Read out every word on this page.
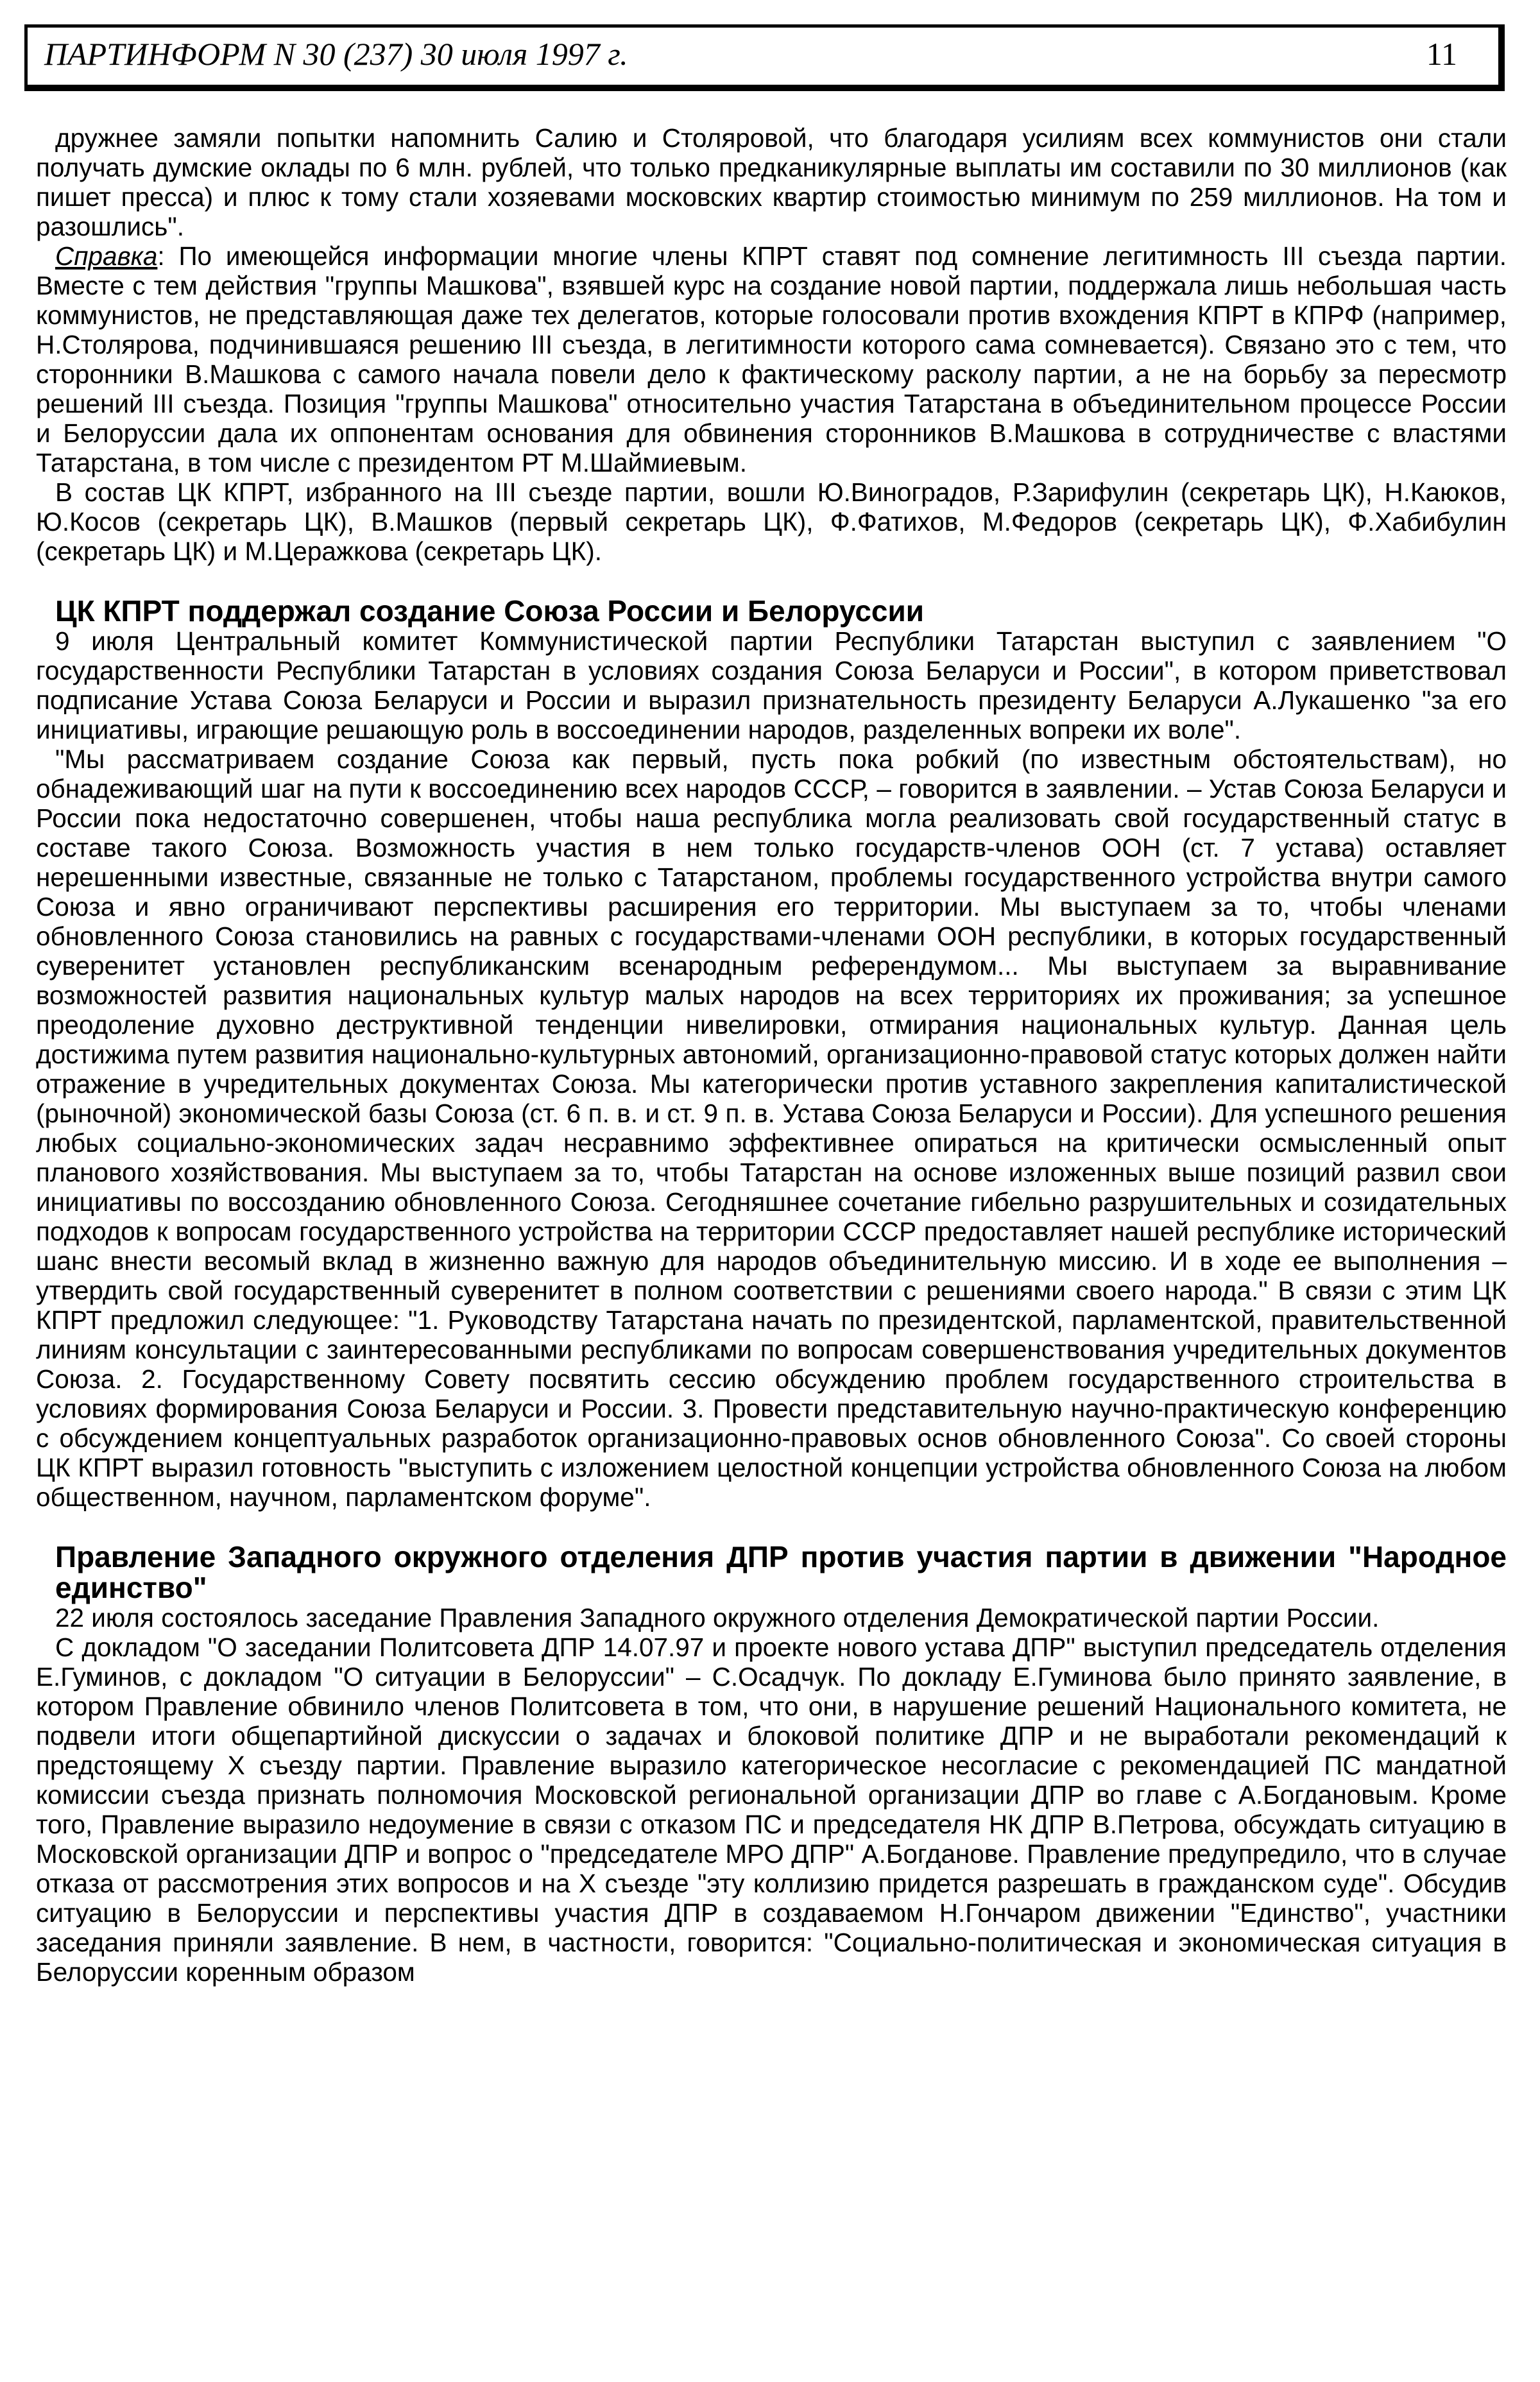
ПАРТИНФОРМ N 30 (237) 30 июля 1997 г.	11

дружнее замяли попытки напомнить Салию и Столяровой, что благодаря усилиям всех коммунистов они стали получать думские оклады по 6 млн. рублей, что только предканикулярные выплаты им составили по 30 миллионов (как пишет пресса) и плюс к тому стали хозяевами московских квартир стоимостью минимум по 259 миллионов. На том и разошлись".

Справка: По имеющейся информации многие члены КПРТ ставят под сомнение легитимность III съезда партии. Вместе с тем действия "группы Машкова", взявшей курс на создание новой партии, поддержала лишь небольшая часть коммунистов, не представляющая даже тех делегатов, которые голосовали против вхождения КПРТ в КПРФ (например, Н.Столярова, подчинившаяся решению III съезда, в легитимности которого сама сомневается). Связано это с тем, что сторонники В.Машкова с самого начала повели дело к фактическому расколу партии, а не на борьбу за пересмотр решений III съезда. Позиция "группы Машкова" относительно участия Татарстана в объединительном процессе России и Белоруссии дала их оппонентам основания для обвинения сторонников В.Машкова в сотрудничестве с властями Татарстана, в том числе с президентом РТ М.Шаймиевым.

В состав ЦК КПРТ, избранного на III съезде партии, вошли Ю.Виноградов, Р.Зарифулин (секретарь ЦК), Н.Каюков, Ю.Косов (секретарь ЦК), В.Машков (первый секретарь ЦК), Ф.Фатихов, М.Федоров (секретарь ЦК), Ф.Хабибулин (секретарь ЦК) и М.Церажкова (секретарь ЦК).

ЦК КПРТ поддержал создание Союза России и Белоруссии

9 июля Центральный комитет Коммунистической партии Республики Татарстан выступил с заявлением "О государственности Республики Татарстан в условиях создания Союза Беларуси и России", в котором приветствовал подписание Устава Союза Беларуси и России и выразил признательность президенту Беларуси А.Лукашенко "за его инициативы, играющие решающую роль в воссоединении народов, разделенных вопреки их воле".

"Мы рассматриваем создание Союза как первый, пусть пока робкий (по известным обстоятельствам), но обнадеживающий шаг на пути к воссоединению всех народов СССР, – говорится в заявлении. – Устав Союза Беларуси и России пока недостаточно совершенен, чтобы наша республика могла реализовать свой государственный статус в составе такого Союза. Возможность участия в нем только государств-членов ООН (ст. 7 устава) оставляет нерешенными известные, связанные не только с Татарстаном, проблемы государственного устройства внутри самого Союза и явно ограничивают перспективы расширения его территории. Мы выступаем за то, чтобы членами обновленного Союза становились на равных с государствами-членами ООН республики, в которых государственный суверенитет установлен республиканским всенародным референдумом... Мы выступаем за выравнивание возможностей развития национальных культур малых народов на всех территориях их проживания; за успешное преодоление духовно деструктивной тенденции нивелировки, отмирания национальных культур. Данная цель достижима путем развития национально-культурных автономий, организационно-правовой статус которых должен найти отражение в учредительных документах Союза. Мы категорически против уставного закрепления капиталистической (рыночной) экономической базы Союза (ст. 6 п. в. и ст. 9 п. в. Устава Союза Беларуси и России). Для успешного решения любых социально-экономических задач несравнимо эффективнее опираться на критически осмысленный опыт планового хозяйствования. Мы выступаем за то, чтобы Татарстан на основе изложенных выше позиций развил свои инициативы по воссозданию обновленного Союза. Сегодняшнее сочетание гибельно разрушительных и созидательных подходов к вопросам государственного устройства на территории СССР предоставляет нашей республике исторический шанс внести весомый вклад в жизненно важную для народов объединительную миссию. И в ходе ее выполнения – утвердить свой государственный суверенитет в полном соответствии с решениями своего народа." В связи с этим ЦК КПРТ предложил следующее: "1. Руководству Татарстана начать по президентской, парламентской, правительственной линиям консультации с заинтересованными республиками по вопросам совершенствования учредительных документов Союза. 2. Государственному Совету посвятить сессию обсуждению проблем государственного строительства в условиях формирования Союза Беларуси и России. 3. Провести представительную научно-практическую конференцию с обсуждением концептуальных разработок организационно-правовых основ обновленного Союза". Со своей стороны ЦК КПРТ выразил готовность "выступить с изложением целостной концепции устройства обновленного Союза на любом общественном, научном, парламентском форуме".

Правление Западного окружного отделения ДПР против участия партии в движении "Народное единство"

22 июля состоялось заседание Правления Западного окружного отделения Демократической партии России.

С докладом "О заседании Политсовета ДПР 14.07.97 и проекте нового устава ДПР" выступил председатель отделения Е.Гуминов, с докладом "О ситуации в Белоруссии" – С.Осадчук. По докладу Е.Гуминова было принято заявление, в котором Правление обвинило членов Политсовета в том, что они, в нарушение решений Национального комитета, не подвели итоги общепартийной дискуссии о задачах и блоковой политике ДПР и не выработали рекомендаций к предстоящему X съезду партии. Правление выразило категорическое несогласие с рекомендацией ПС мандатной комиссии съезда признать полномочия Московской региональной организации ДПР во главе с А.Богдановым. Кроме того, Правление выразило недоумение в связи с отказом ПС и председателя НК ДПР В.Петрова, обсуждать ситуацию в Московской организации ДПР и вопрос о "председателе МРО ДПР" А.Богданове. Правление предупредило, что в случае отказа от рассмотрения этих вопросов и на X съезде "эту коллизию придется разрешать в гражданском суде". Обсудив ситуацию в Белоруссии и перспективы участия ДПР в создаваемом Н.Гончаром движении "Единство", участники заседания приняли заявление. В нем, в частности, говорится: "Социально-политическая и экономическая ситуация в Белоруссии коренным образом
